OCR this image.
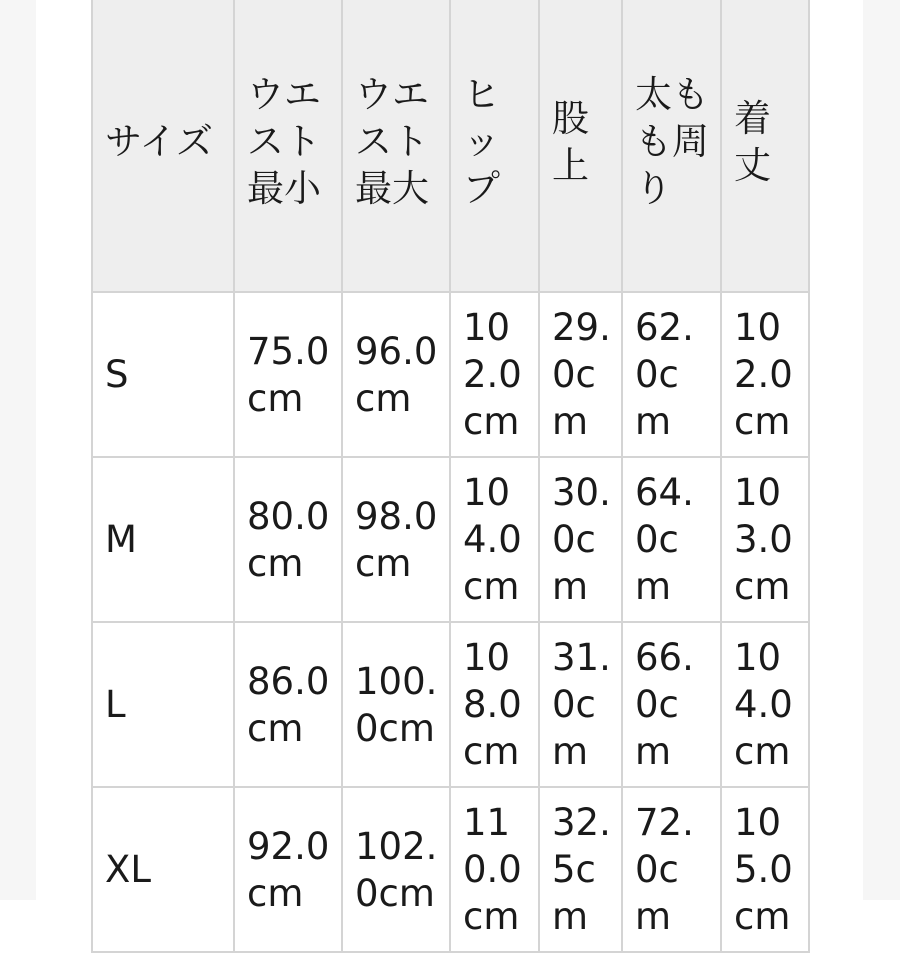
サイズ	ウエスト最小	ウエスト最大	ヒップ	股上	太もも周り	着丈
S	75.0cm	96.0cm	102.0cm	29.0cm	62.0cm	102.0cm
M	80.0cm	98.0cm	104.0cm	30.0cm	64.0cm	103.0cm
L	86.0cm	100.0cm	108.0cm	31.0cm	66.0cm	104.0cm
XL	92.0cm	102.0cm	110.0cm	32.5cm	72.0cm	105.0cm
